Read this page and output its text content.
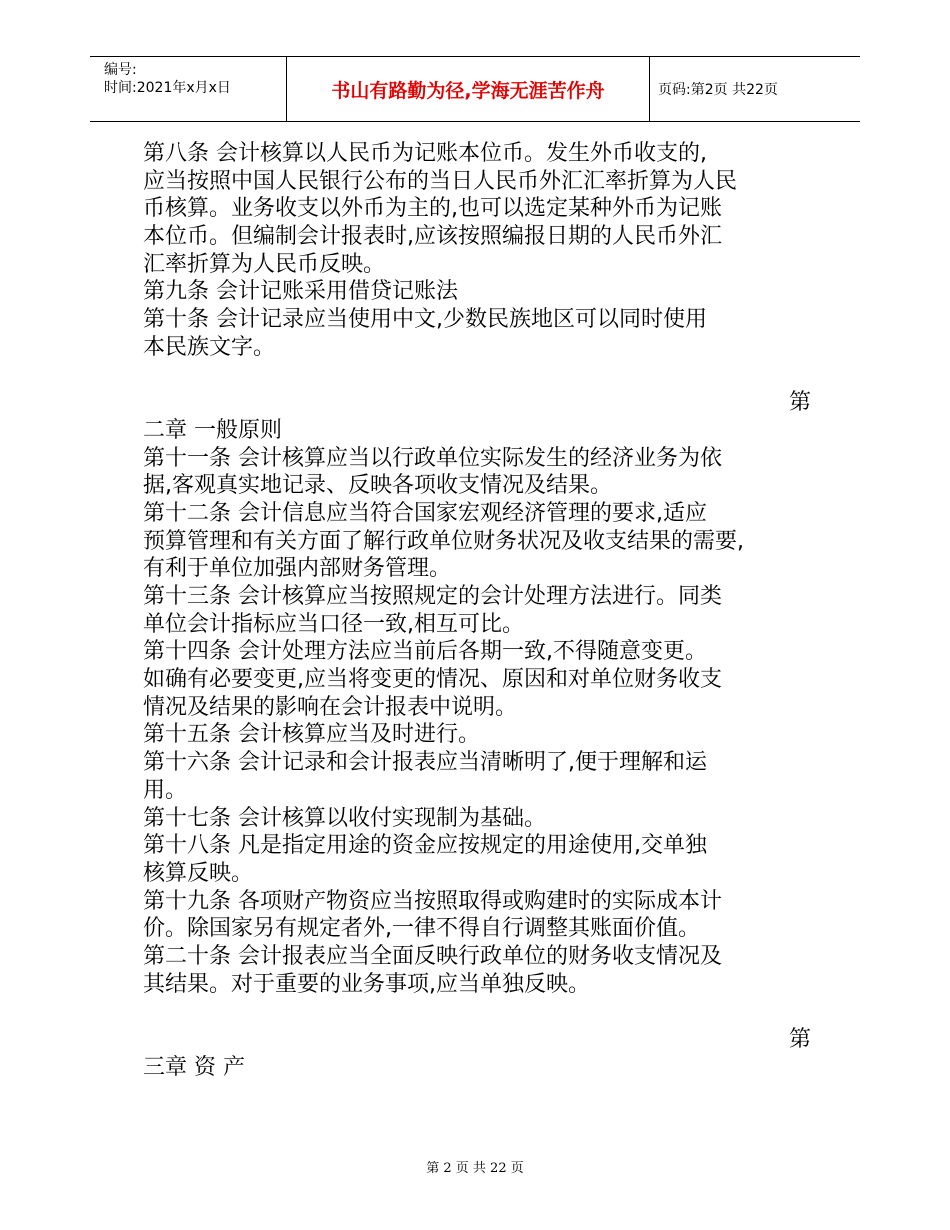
编号:
时间:2021年x月x日	书山有路勤为径,学海无涯苦作舟	页码:第2页 共22页
第八条 会计核算以人民币为记账本位币。发生外币收支的,
应当按照中国人民银行公布的当日人民币外汇汇率折算为人民
币核算。业务收支以外币为主的,也可以选定某种外币为记账
本位币。但编制会计报表时,应该按照编报日期的人民币外汇
汇率折算为人民币反映。
第九条 会计记账采用借贷记账法
第十条 会计记录应当使用中文,少数民族地区可以同时使用
本民族文字。
第
二章 一般原则
第十一条 会计核算应当以行政单位实际发生的经济业务为依
据,客观真实地记录、反映各项收支情况及结果。
第十二条 会计信息应当符合国家宏观经济管理的要求,适应
预算管理和有关方面了解行政单位财务状况及收支结果的需要,
有利于单位加强内部财务管理。
第十三条 会计核算应当按照规定的会计处理方法进行。同类
单位会计指标应当口径一致,相互可比。
第十四条 会计处理方法应当前后各期一致,不得随意变更。
如确有必要变更,应当将变更的情况、原因和对单位财务收支
情况及结果的影响在会计报表中说明。
第十五条 会计核算应当及时进行。
第十六条 会计记录和会计报表应当清晰明了,便于理解和运
用。
第十七条 会计核算以收付实现制为基础。
第十八条 凡是指定用途的资金应按规定的用途使用,交单独
核算反映。
第十九条 各项财产物资应当按照取得或购建时的实际成本计
价。除国家另有规定者外,一律不得自行调整其账面价值。
第二十条 会计报表应当全面反映行政单位的财务收支情况及
其结果。对于重要的业务事项,应当单独反映。
第
三章 资 产
第 2 页 共 22 页
